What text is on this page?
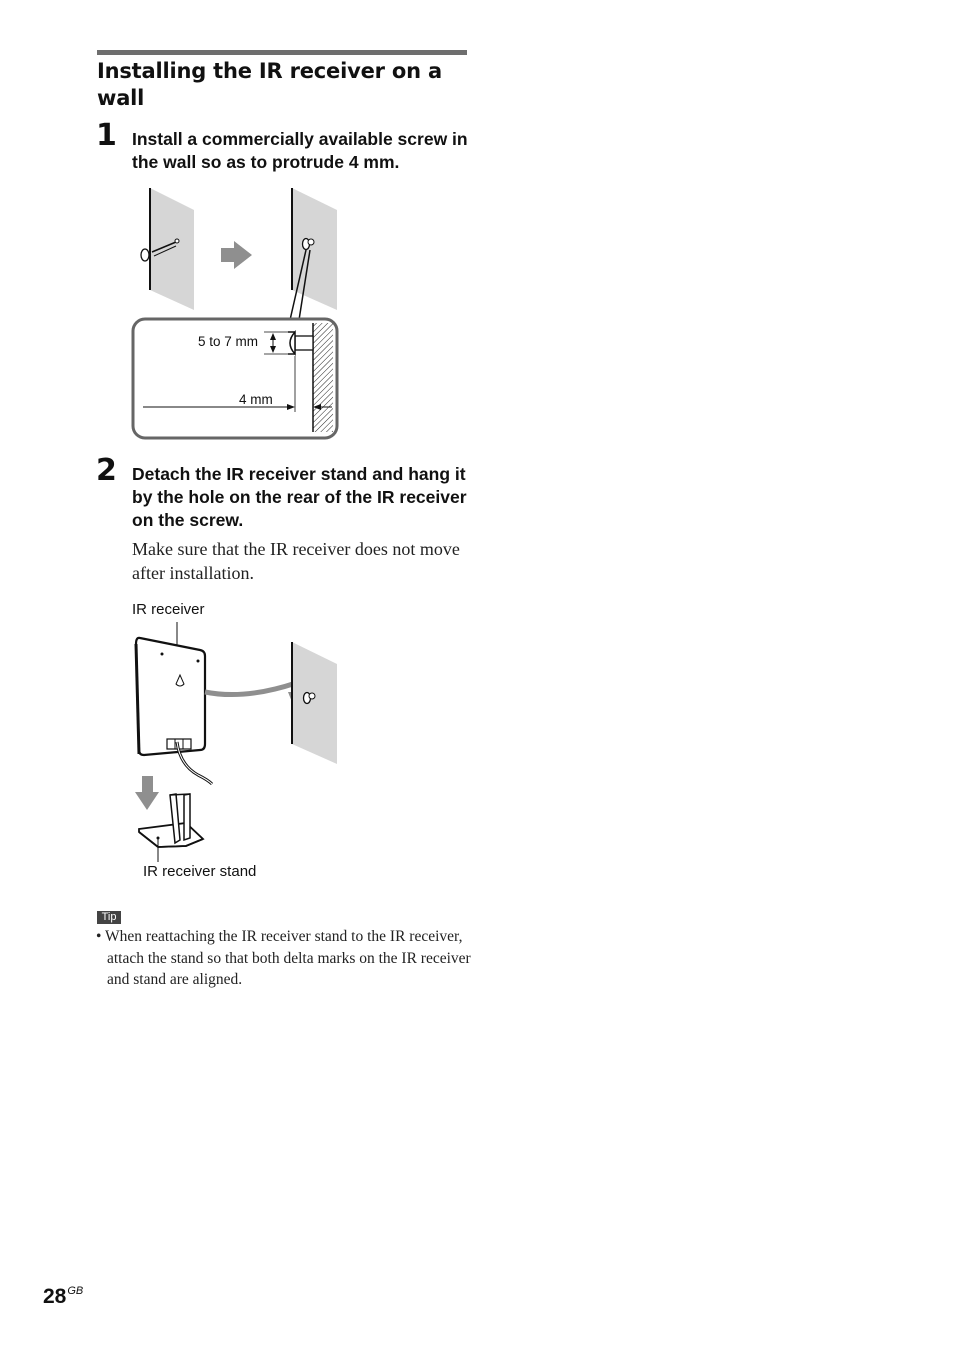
Installing the IR receiver on a wall
1 Install a commercially available screw in the wall so as to protrude 4 mm.
5 to 7 mm
4 mm
2 Detach the IR receiver stand and hang it by the hole on the rear of the IR receiver on the screw.
Make sure that the IR receiver does not move after installation.
IR receiver
IR receiver stand
Tip
• When reattaching the IR receiver stand to the IR receiver, attach the stand so that both delta marks on the IR receiver and stand are aligned.
$28^{GB}$
